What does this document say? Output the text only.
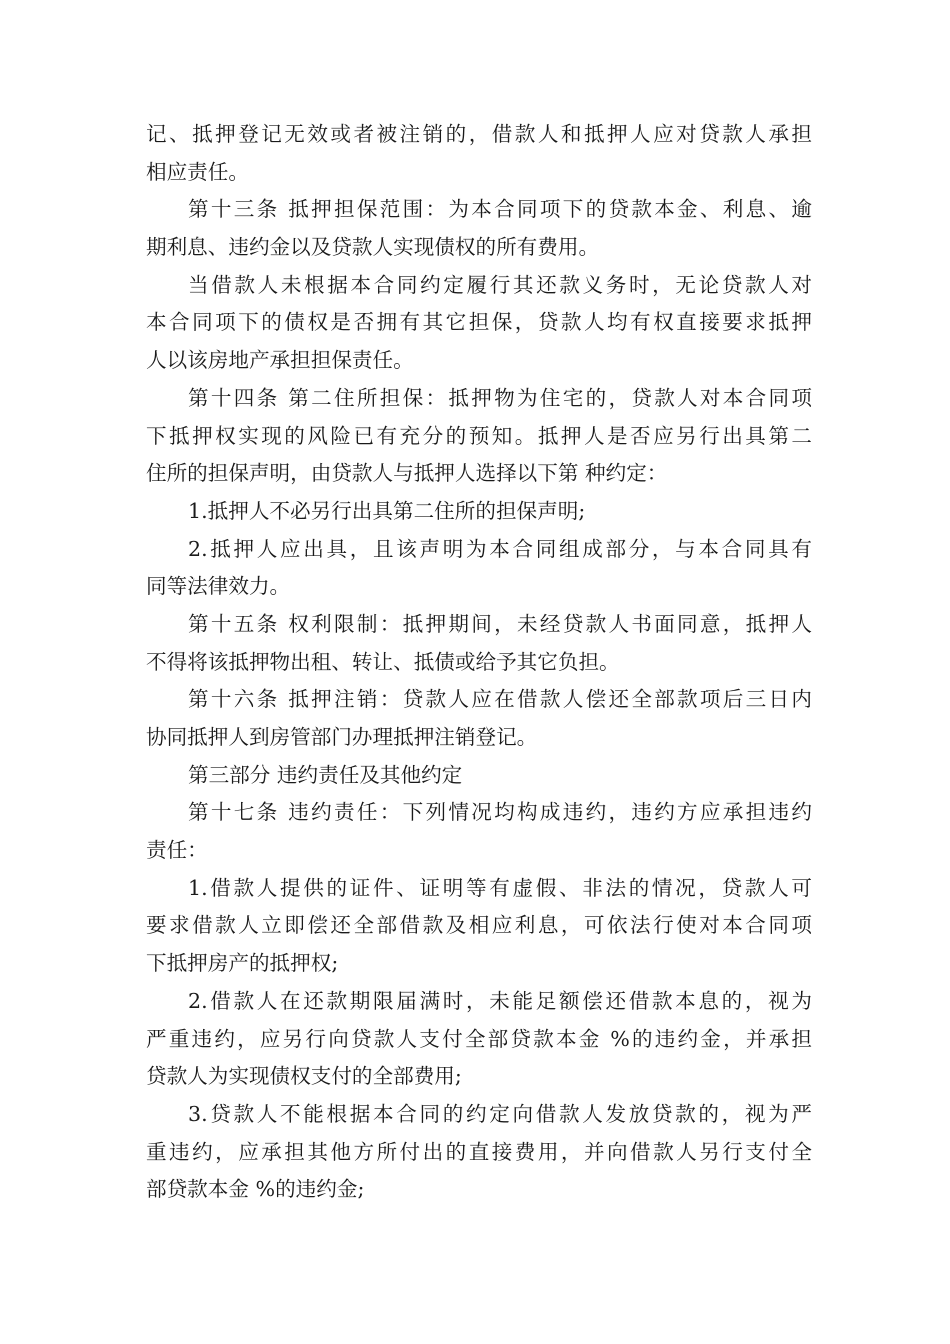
记、抵押登记无效或者被注销的，借款人和抵押人应对贷款人承担
相应责任。
第十三条 抵押担保范围：为本合同项下的贷款本金、利息、逾
期利息、违约金以及贷款人实现债权的所有费用。
当借款人未根据本合同约定履行其还款义务时，无论贷款人对
本合同项下的债权是否拥有其它担保，贷款人均有权直接要求抵押
人以该房地产承担担保责任。
第十四条 第二住所担保：抵押物为住宅的，贷款人对本合同项
下抵押权实现的风险已有充分的预知。抵押人是否应另行出具第二
住所的担保声明，由贷款人与抵押人选择以下第 种约定：
1.抵押人不必另行出具第二住所的担保声明;
2.抵押人应出具，且该声明为本合同组成部分，与本合同具有
同等法律效力。
第十五条 权利限制：抵押期间，未经贷款人书面同意，抵押人
不得将该抵押物出租、转让、抵债或给予其它负担。
第十六条 抵押注销：贷款人应在借款人偿还全部款项后三日内
协同抵押人到房管部门办理抵押注销登记。
第三部分 违约责任及其他约定
第十七条 违约责任：下列情况均构成违约，违约方应承担违约
责任：
1.借款人提供的证件、证明等有虚假、非法的情况，贷款人可
要求借款人立即偿还全部借款及相应利息，可依法行使对本合同项
下抵押房产的抵押权;
2.借款人在还款期限届满时，未能足额偿还借款本息的，视为
严重违约，应另行向贷款人支付全部贷款本金 %的违约金，并承担
贷款人为实现债权支付的全部费用;
3.贷款人不能根据本合同的约定向借款人发放贷款的，视为严
重违约，应承担其他方所付出的直接费用，并向借款人另行支付全
部贷款本金 %的违约金;
